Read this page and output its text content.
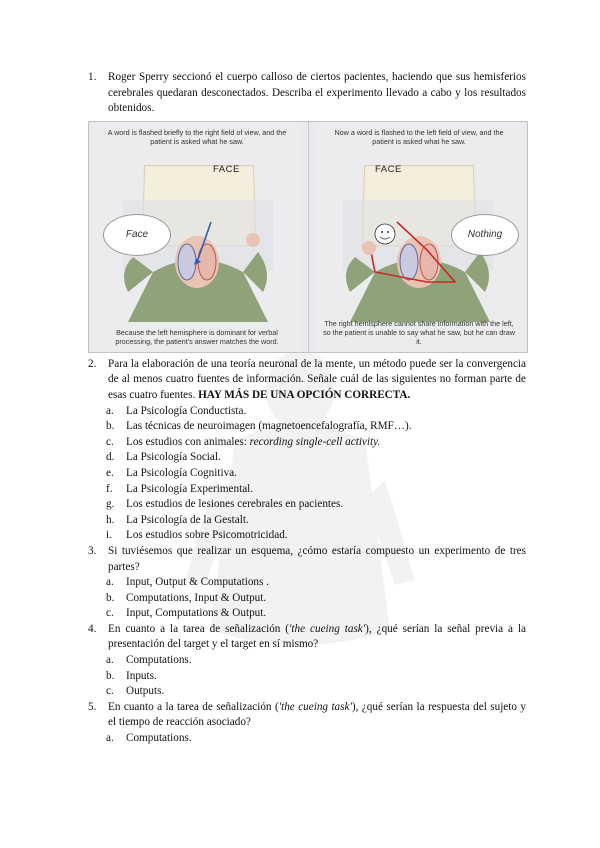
1. Roger Sperry seccionó el cuerpo calloso de ciertos pacientes, haciendo que sus hemisferios cerebrales quedaran desconectados. Describa el experimento llevado a cabo y los resultados obtenidos.
A word is flashed briefly to the right field of view, and the patient is asked what he saw.
FACE
Face
Because the left hemisphere is dominant for verbal processing, the patient's answer matches the word.
Now a word is flashed to the left field of view, and the patient is asked what he saw.
FACE
Nothing
The right hemisphere cannot share information with the left, so the patient is unable to say what he saw, but he can draw it.
2. Para la elaboración de una teoría neuronal de la mente, un método puede ser la convergencia de al menos cuatro fuentes de información. Señale cuál de las siguientes no forman parte de esas cuatro fuentes. HAY MÁS DE UNA OPCIÓN CORRECTA.
a. La Psicología Conductista.
b. Las técnicas de neuroimagen (magnetoencefalografía, RMF…).
c. Los estudios con animales: recording single-cell activity.
d. La Psicología Social.
e. La Psicología Cognitiva.
f. La Psicología Experimental.
g. Los estudios de lesiones cerebrales en pacientes.
h. La Psicología de la Gestalt.
i. Los estudios sobre Psicomotricidad.
3. Si tuviésemos que realizar un esquema, ¿cómo estaría compuesto un experimento de tres partes?
a. Input, Output & Computations .
b. Computations, Input & Output.
c. Input, Computations & Output.
4. En cuanto a la tarea de señalización ('the cueing task'), ¿qué serían la señal previa a la presentación del target y el target en sí mismo?
a. Computations.
b. Inputs.
c. Outputs.
5. En cuanto a la tarea de señalización ('the cueing task'), ¿qué serían la respuesta del sujeto y el tiempo de reacción asociado?
a. Computations.
